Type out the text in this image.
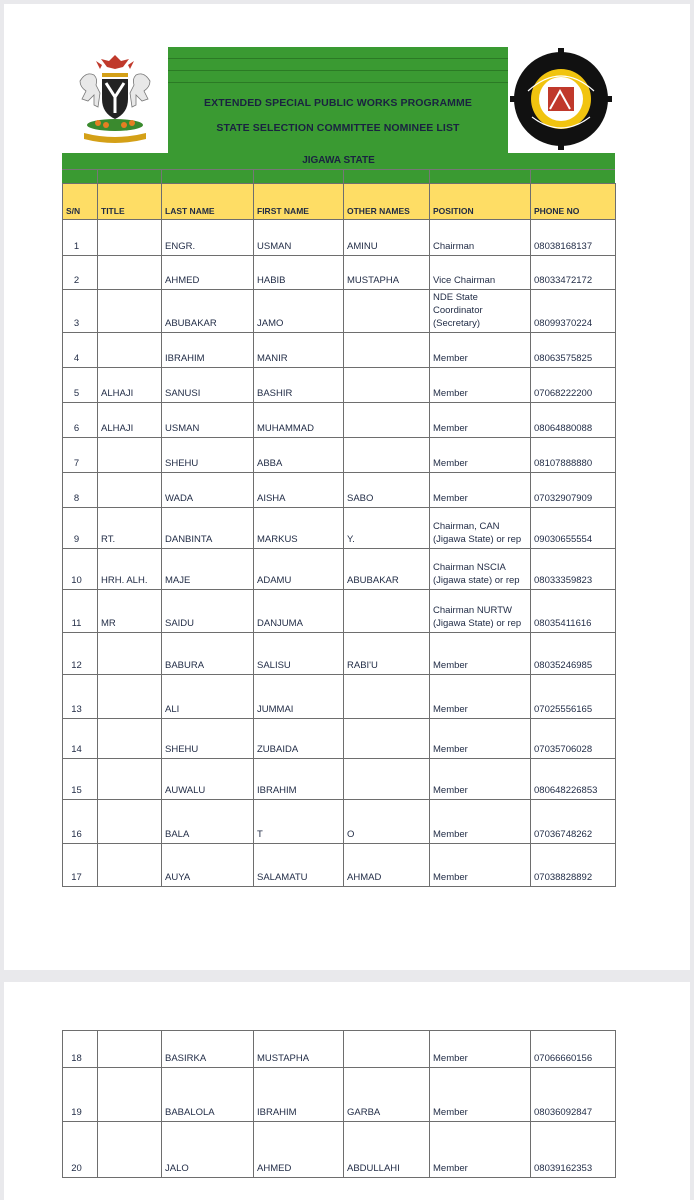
EXTENDED SPECIAL PUBLIC WORKS PROGRAMME
STATE SELECTION COMMITTEE NOMINEE LIST
JIGAWA STATE
S/N	TITLE	LAST NAME	FIRST NAME	OTHER NAMES	POSITION	PHONE NO
1		ENGR.	USMAN	AMINU	Chairman	08038168137
2		AHMED	HABIB	MUSTAPHA	Vice Chairman	08033472172
3		ABUBAKAR	JAMO		NDE State Coordinator (Secretary)	08099370224
4		IBRAHIM	MANIR		Member	08063575825
5	ALHAJI	SANUSI	BASHIR		Member	07068222200
6	ALHAJI	USMAN	MUHAMMAD		Member	08064880088
7		SHEHU	ABBA		Member	08107888880
8		WADA	AISHA	SABO	Member	07032907909
9	RT.	DANBINTA	MARKUS	Y.	Chairman, CAN (Jigawa State) or rep	09030655554
10	HRH. ALH.	MAJE	ADAMU	ABUBAKAR	Chairman NSCIA (Jigawa state) or rep	08033359823
11	MR	SAIDU	DANJUMA		Chairman NURTW (Jigawa State) or rep	08035411616
12		BABURA	SALISU	RABI'U	Member	08035246985
13		ALI	JUMMAI		Member	07025556165
14		SHEHU	ZUBAIDA		Member	07035706028
15		AUWALU	IBRAHIM		Member	080648226853
16		BALA	T	O	Member	07036748262
17		AUYA	SALAMATU	AHMAD	Member	07038828892
18		BASIRKA	MUSTAPHA		Member	07066660156
19		BABALOLA	IBRAHIM	GARBA	Member	08036092847
20		JALO	AHMED	ABDULLAHI	Member	08039162353
